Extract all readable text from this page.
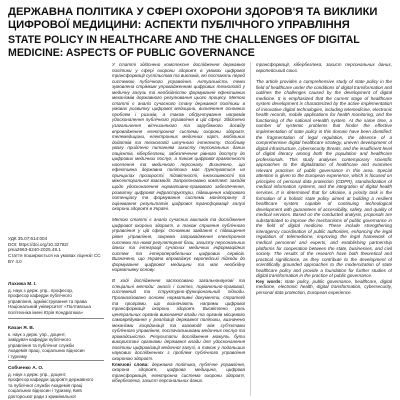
ДЕРЖАВНА ПОЛІТИКА У СФЕРІ ОХОРОНИ ЗДОРОВ'Я ТА ВИКЛИКИ ЦИФРОВОЇ МЕДИЦИНИ: АСПЕКТИ ПУБЛІЧНОГО УПРАВЛІННЯ
STATE POLICY IN HEALTHCARE AND THE CHALLENGES OF DIGITAL MEDICINE: ASPECTS OF PUBLIC GOVERNANCE
УДК 35.07:614:004
DOI: https://doi.org/10.32782/
pma2663-6240-2025.48.1
Стаття поширюється на умовах ліцензії CC BY 4.0
Лахижа М. І.
д. наук з держ. упр., професор,
професор кафедри публічного
управління, адміністрування та права
Національний університет «Полтавська
політехніка імені Юрія Кондратюка»
Качан Я. В.
к. наук з держ. упр., доцент,
завідувач кафедри публічного
управління та публічної служби
Академія праці, соціальних відносин
і туризму
Собченко А. О.
д. наук з держ. упр., доцент,
професор кафедри здоров'я державного
та публічної служби Академія праці
соціальних відносин і туризму, Київ
докторської ради з кримінальної

У статті здійснено комплексне дослідження державної політики у сфері охорони здоров'я в умовах цифрової трансформації суспільства та викликів, які постають перед системою публічного управління. Актуальність теми зумовлена стрімким упровадженням цифрових технологій у медичну галузь та необхідністю формування ефективних механізмів державного регулювання цього процесу. Метою статті є аналіз сучасного стану державної політики в умовах розвитку цифрової медицини, визначення основних проблем і ризиків, а також обґрунтування напрямів удосконалення публічного управління в цій сфері. Здійснено узагальнення вітчизняного та зарубіжного досвіду впровадження електронної системи охорони здоров'я, телемедицини, електронних медичних карт, мобільних додатків та технологій штучного інтелекту. Особливу увагу приділено питанням захисту персональних даних пацієнтів, кібербезпеки, забезпечення рівного доступу до цифрових медичних послуг, а також цифрової грамотності населення та медичного персоналу. Визначено, що ефективна державна політика має ґрунтуватися на принципах прозорості, підзвітності, інклюзивності та міжсекторальної взаємодії. Запропоновано комплекс заходів щодо удосконалення нормативно-правового забезпечення, розвитку цифрової інфраструктури, підвищення кадрового потенціалу та формування системи моніторингу й оцінювання результатів цифрової трансформації галузі охорони здоров'я в Україні.

Метою статті є аналіз сучасних викликів та дослідження цифрової охорони здоров'я, а також сприяння публічного управління у цій сфері. Основним завдання є підвищення рівня управління, зокрема запровадження електронної системи та нової регуляторної бази, захисту персональних даних та інтеграції сучасних медичних інформаційних систем та інтероперабельних цифрових сервісів. Визначено, що Україна впроваджує європейські підходи до формування цифрової медицини та має необхідну нормативну основу.

В ході дослідження застосовано загальнонаукові та спеціальні методи: аналіз і синтез, порівняльно-правовий, системний та структурно-функціональний підходи. Проаналізовано основні нормативні документи, стратегії та програми, що визначають напрями цифрової трансформації охорони здоров'я. Висвітлено роль центральних органів виконавчої влади та органів місцевого самоврядування у реалізації державної політики, визначено механізми координації та взаємодії між суб'єктами публічного управління, постачальниками медичних послуг та громадськістю. Результати дослідження можуть бути використані органами державної влади для удосконалення політики цифровізації медичної галузі, а також у подальших наукових дослідженнях з проблем публічного управління охороною здоров'я.

Ключові слова: державна політика, публічне управління, охорона здоров'я, цифрова медицина, цифрова трансформація, електронна система охорони здоров'я, кібербезпека, захист персональних даних.

трансформації, кібербезпека, захист персональних даних, європейський союз.

The article provides a comprehensive study of state policy in the field of healthcare under the conditions of digital transformation and outlines the challenges caused by the development of digital medicine. It is emphasized that the current stage of healthcare system development is characterized by the active implementation of innovative digital technologies, including telemedicine, electronic health records, mobile applications for health monitoring, and the functioning of the national eHealth system. At the same time, a number of systemic problems that hinder the effective implementation of state policy in this domain have been identified: the fragmentation of legal regulation, the absence of a comprehensive digital healthcare strategy, uneven development of digital infrastructure, cybersecurity threats, and the insufficient level of digital literacy among both the population and healthcare professionals. This study analyses contemporary scientific approaches to the digitalization of healthcare and examines relevant practices of public governance in this area. Special attention is given to the European experience, which is focused on principles of personal data protection (GDPR), standardization of medical information systems, and the integration of digital health services. It is determined that for Ukraine, a priority task is the formation of a holistic state policy aimed at building a resilient healthcare system capable of continuing technological development with guarantees of accessibility, safety, and quality of medical services. Based on the conducted analysis, proposals are substantiated to improve the mechanisms of public governance in the field of digital medicine. These include strengthening interagency coordination of public authorities, enhancing the legal regulation of telemedicine, improving the legal framework of medical personnel and experts, and establishing partnership platforms for cooperation between the state, businesses, and civil society. The results of the research have both theoretical and practical significance, as they contribute to the development of scientifically grounded approaches to the modernization of state healthcare policy and provide a foundation for further studies of digital transformation in the practice of public governance.

Key words: state policy, public governance, healthcare, digital medicine, electronic health, digital transformation, cybersecurity, personal data protection, European experience.
